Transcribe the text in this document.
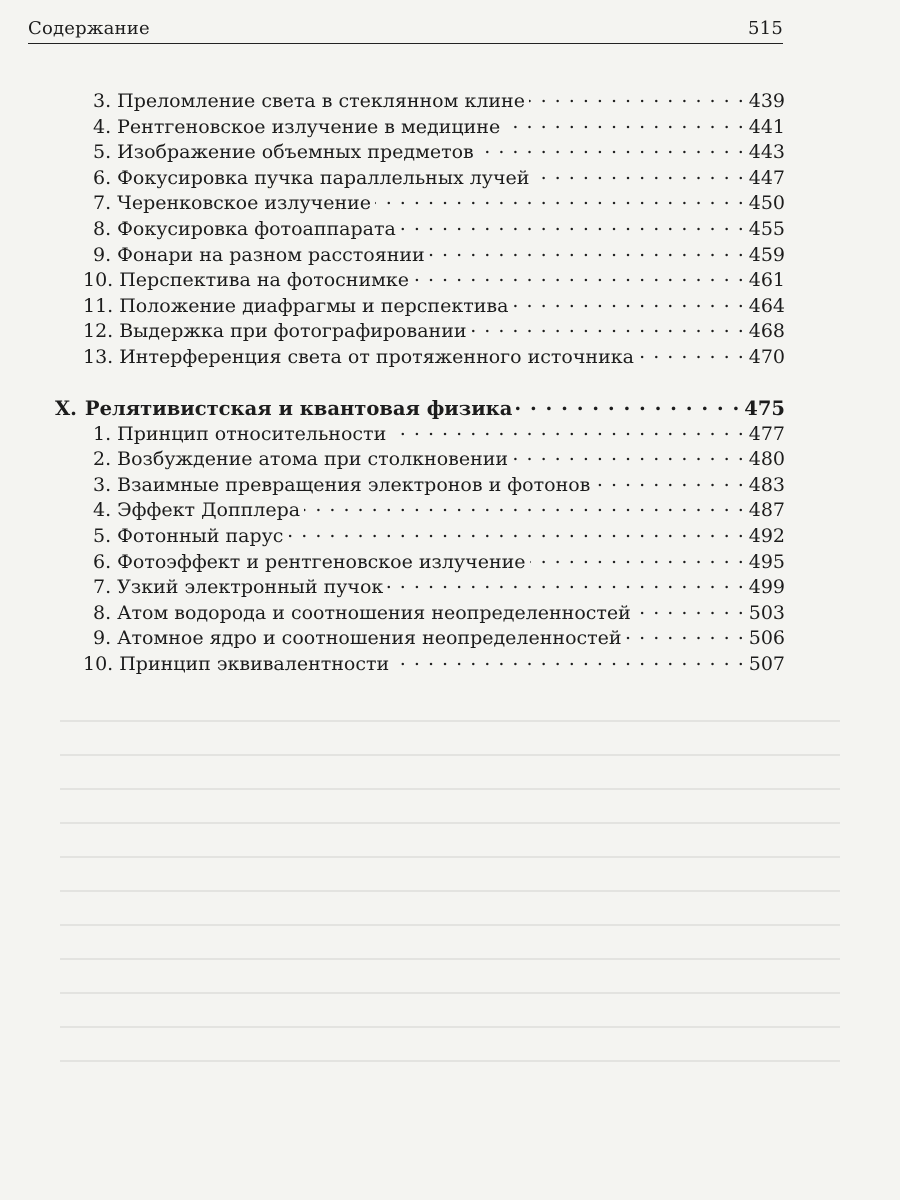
Содержание	515
3. Преломление света в стеклянном клине . . .	439
4. Рентгеновское излучение в медицине . . .	441
5. Изображение объемных предметов . . .	443
6. Фокусировка пучка параллельных лучей . . .	447
7. Черенковское излучение . . .	450
8. Фокусировка фотоаппарата . . .	455
9. Фонари на разном расстоянии . . .	459
10. Перспектива на фотоснимке . . .	461
11. Положение диафрагмы и перспектива . . .	464
12. Выдержка при фотографировании . . .	468
13. Интерференция света от протяженного источника . . .	470
X. Релятивистская и квантовая физика . . .	475
1. Принцип относительности . . .	477
2. Возбуждение атома при столкновении . . .	480
3. Взаимные превращения электронов и фотонов . . .	483
4. Эффект Допплера . . .	487
5. Фотонный парус . . .	492
6. Фотоэффект и рентгеновское излучение . . .	495
7. Узкий электронный пучок . . .	499
8. Атом водорода и соотношения неопределенностей . . .	503
9. Атомное ядро и соотношения неопределенностей . . .	506
10. Принцип эквивалентности . . .	507
